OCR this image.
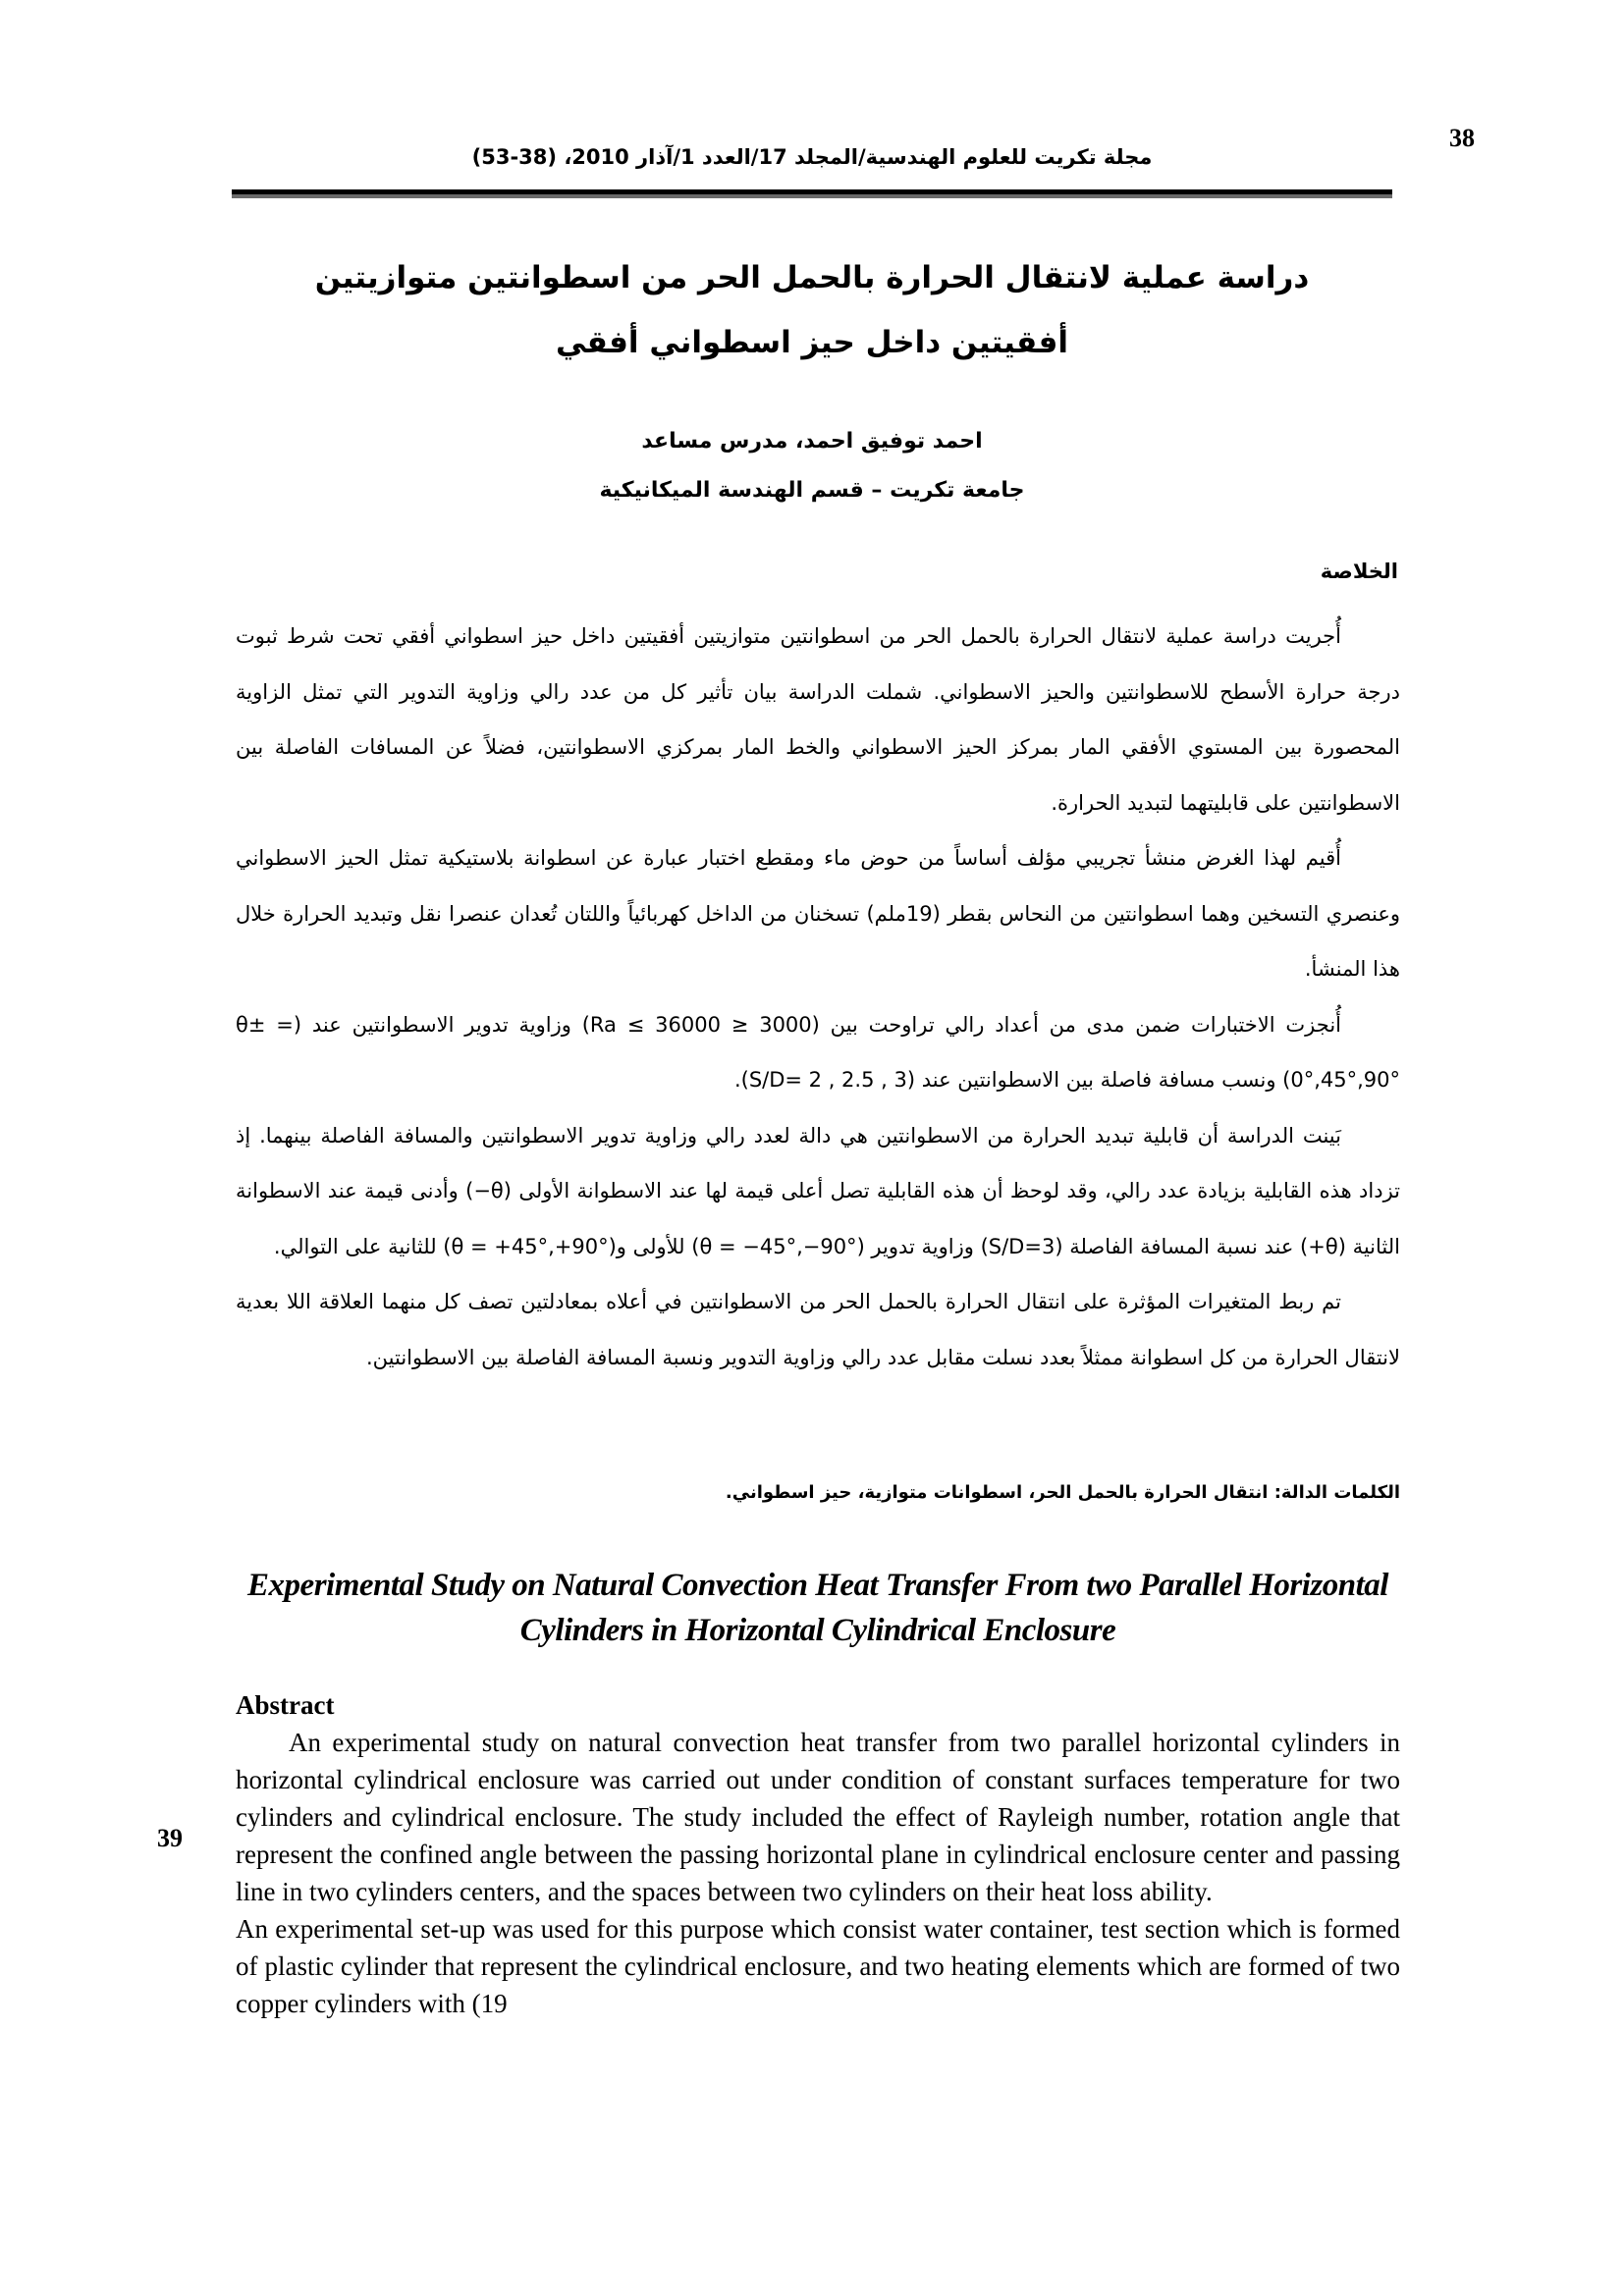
38
مجلة تكريت للعلوم الهندسية/المجلد 17/العدد 1/آذار 2010، (38-53)
دراسة عملية لانتقال الحرارة بالحمل الحر من اسطوانتين متوازيتين
أفقيتين داخل حيز اسطواني أفقي
احمد توفيق احمد، مدرس مساعد
جامعة تكريت – قسم الهندسة الميكانيكية
الخلاصة

أُجريت دراسة عملية لانتقال الحرارة بالحمل الحر من اسطوانتين متوازيتين أفقيتين داخل حيز اسطواني أفقي تحت شرط ثبوت درجة حرارة الأسطح للاسطوانتين والحيز الاسطواني. شملت الدراسة بيان تأثير كل من عدد رالي وزاوية التدوير التي تمثل الزاوية المحصورة بين المستوي الأفقي المار بمركز الحيز الاسطواني والخط المار بمركزي الاسطوانتين، فضلاً عن المسافات الفاصلة بين الاسطوانتين على قابليتهما لتبديد الحرارة.

أُقيم لهذا الغرض منشأ تجريبي مؤلف أساساً من حوض ماء ومقطع اختبار عبارة عن اسطوانة بلاستيكية تمثل الحيز الاسطواني وعنصري التسخين وهما اسطوانتين من النحاس بقطر (19ملم) تسخنان من الداخل كهربائياً واللتان تُعدان عنصرا نقل وتبديد الحرارة خلال هذا المنشأ.

أُنجزت الاختبارات ضمن مدى من أعداد رالي تراوحت بين (3000 ≤ Ra ≤ 36000) وزاوية تدوير الاسطوانتين عند (θ± = 0°,45°,90°) ونسب مسافة فاصلة بين الاسطوانتين عند (S/D= 2 , 2.5 , 3).

بَينت الدراسة أن قابلية تبديد الحرارة من الاسطوانتين هي دالة لعدد رالي وزاوية تدوير الاسطوانتين والمسافة الفاصلة بينهما. إذ تزداد هذه القابلية بزيادة عدد رالي، وقد لوحظ أن هذه القابلية تصل أعلى قيمة لها عند الاسطوانة الأولى (θ−) وأدنى قيمة عند الاسطوانة الثانية (θ+) عند نسبة المسافة الفاصلة (S/D=3) وزاوية تدوير (θ = −45°,−90°) للأولى و(θ = +45°,+90°) للثانية على التوالي.

تم ربط المتغيرات المؤثرة على انتقال الحرارة بالحمل الحر من الاسطوانتين في أعلاه بمعادلتين تصف كل منهما العلاقة اللا بعدية لانتقال الحرارة من كل اسطوانة ممثلاً بعدد نسلت مقابل عدد رالي وزاوية التدوير ونسبة المسافة الفاصلة بين الاسطوانتين.

الكلمات الدالة: انتقال الحرارة بالحمل الحر، اسطوانات متوازية، حيز اسطواني.
Experimental Study on Natural Convection Heat Transfer From two Parallel Horizontal Cylinders in Horizontal Cylindrical Enclosure
Abstract
39

An experimental study on natural convection heat transfer from two parallel horizontal cylinders in horizontal cylindrical enclosure was carried out under condition of constant surfaces temperature for two cylinders and cylindrical enclosure. The study included the effect of Rayleigh number, rotation angle that represent the confined angle between the passing horizontal plane in cylindrical enclosure center and passing line in two cylinders centers, and the spaces between two cylinders on their heat loss ability.

An experimental set-up was used for this purpose which consist water container, test section which is formed of plastic cylinder that represent the cylindrical enclosure, and two heating elements which are formed of two copper cylinders with (19
